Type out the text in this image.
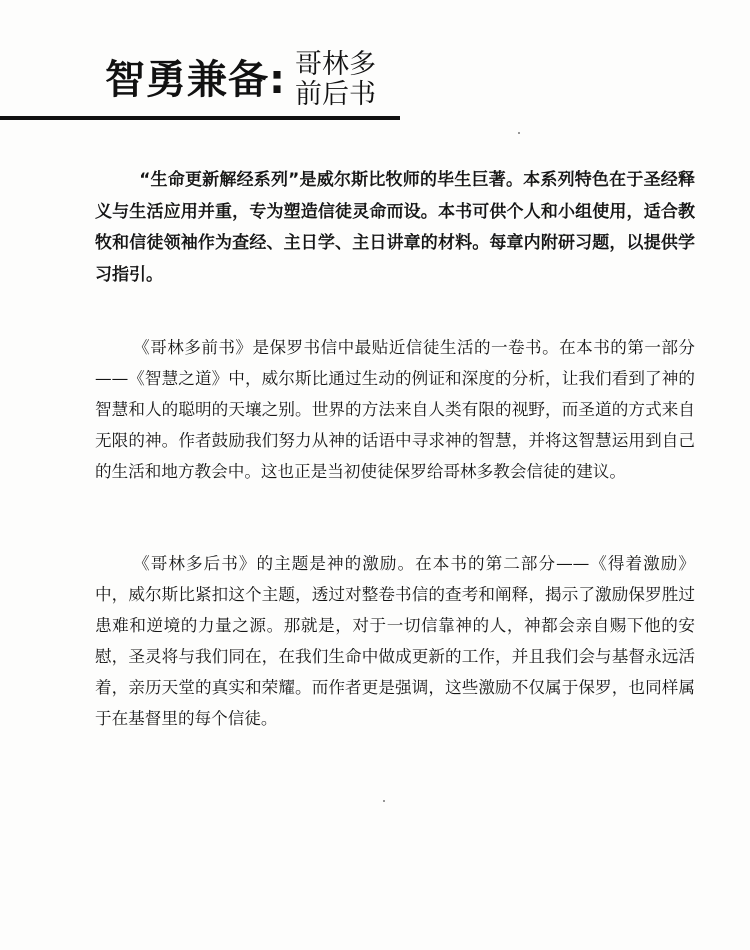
智勇兼备: 哥林多
前后书

“生命更新解经系列”是威尔斯比牧师的毕生巨著。本系列特色在于圣经释义与生活应用并重，专为塑造信徒灵命而设。本书可供个人和小组使用，适合教牧和信徒领袖作为查经、主日学、主日讲章的材料。每章内附研习题，以提供学习指引。

《哥林多前书》是保罗书信中最贴近信徒生活的一卷书。在本书的第一部分——《智慧之道》中，威尔斯比通过生动的例证和深度的分析，让我们看到了神的智慧和人的聪明的天壤之别。世界的方法来自人类有限的视野，而圣道的方式来自无限的神。作者鼓励我们努力从神的话语中寻求神的智慧，并将这智慧运用到自己的生活和地方教会中。这也正是当初使徒保罗给哥林多教会信徒的建议。

《哥林多后书》的主题是神的激励。在本书的第二部分——《得着激励》中，威尔斯比紧扣这个主题，透过对整卷书信的查考和阐释，揭示了激励保罗胜过患难和逆境的力量之源。那就是，对于一切信靠神的人，神都会亲自赐下他的安慰，圣灵将与我们同在，在我们生命中做成更新的工作，并且我们会与基督永远活着，亲历天堂的真实和荣耀。而作者更是强调，这些激励不仅属于保罗，也同样属于在基督里的每个信徒。
